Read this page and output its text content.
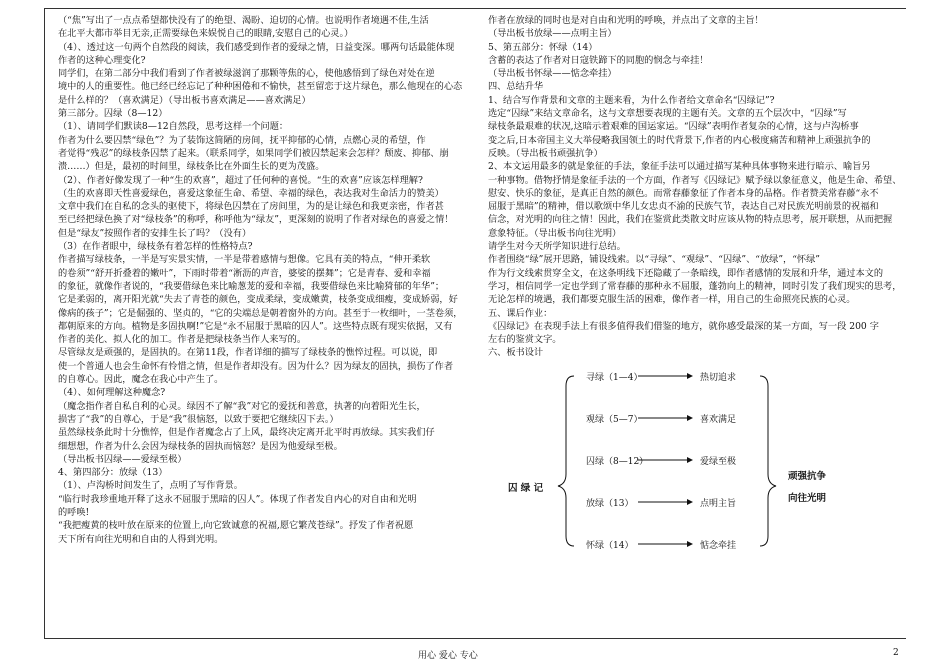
（“焦”写出了一点点希望都快没有了的绝望、渴盼、迫切的心情。也说明作者境遇不佳,生活

在北平大都市举目无亲,正需要绿色来娱悦自己的眼睛,安慰自己的心灵。）

（4）、透过这一句两个自然段的阅读，我们感受到作者的爱绿之情，日益变深。哪两句话最能体现

作者的这种心理变化?

同学们，在第二部分中我们看到了作者被绿滋润了那颗等焦的心，使他感悟到了绿色对处在逆

境中的人的重要性。他已经已经忘记了种种困倦和不愉快，甚至留恋于这片绿色，那么他现在的心态

是什么样的？（喜欢满足）（导出板书喜欢满足——喜欢满足）

第三部分。囚绿（8—12）

（1）、请同学们默读8—12自然段，思考这样一个问题：

作者为什么要囚禁“绿色”？为了装饰这简陋的房间，抚平抑郁的心情，点燃心灵的希望，作

者觉得“残忍”的绿枝条囚禁了起来。（联系同学，如果同学们被囚禁起来会怎样？颓废、抑郁、崩

溃……）但是，最初的时间里，绿枝条比在外面生长的更为茂盛。

（2）、作者好像发现了一种“生的欢喜”，超过了任何种的喜悦。“生的欢喜”应该怎样理解?

（生的欢喜即天性喜爱绿色，喜爱这象征生命、希望、幸福的绿色，表达我对生命活力的赞美）

文章中我们在自私的念头的驱使下，将绿色囚禁在了房间里，为的是让绿色和我更亲密，作者甚

至已经把绿色换了对“绿枝条”的称呼，称呼他为“绿友”，更深刻的说明了作者对绿色的喜爱之情！

但是“绿友”按照作者的安排生长了吗？（没有）

（3）在作者眼中，绿枝条有着怎样的性格特点?

作者描写绿枝条，一半是写实景实情，一半是带着感情与想像。它具有美的特点，“伸开柔软

的卷须”“舒开折叠着的嫩叶”，下雨时带着“淅沥的声音，婆娑的摆舞”；它是青春、爱和幸福

的象征，就像作者说的，“我要借绿色来比喻葱茏的爱和幸福，我要借绿色来比喻猗郁的年华”；

它是柔弱的，离开阳光就“失去了青苍的颜色，变成柔绿，变成嫩黄，枝条变成细瘦，变成娇弱，好

像病的孩子”；它是倔强的、坚贞的，“它的尖端总是朝着窗外的方向。甚至于一枚细叶，一茎卷须，

都朝原来的方向。植物是多固执啊!”它是“永不屈服于黑暗的囚人”。这些特点既有现实依据，又有

作者的美化、拟人化的加工。作者是把绿枝条当作人来写的。

尽管绿友是顽强的，是固执的。在第11段，作者详细的描写了绿枝条的憔悴过程。可以说，即

使一个普通人也会生命怀有怜惜之情，但是作者却没有。因为什么？因为绿友的固执，损伤了作者

的自尊心。因此，魔念在我心中产生了。

（4）、如何理解这种魔念?

（魔念指作者自私自利的心灵。绿因不了解“我”对它的爱抚和善意，执著的向着阳光生长，

损害了“我”的自尊心，于是“我”很恼怒，以致于要把它继续囚下去。）

虽然绿枝条此时十分憔悴，但是作者魔念占了上风，最终决定离开北平时再放绿。其实我们仔

细想想，作者为什么会因为绿枝条的固执而恼怒？是因为他爱绿至极。

（导出板书囚绿——爱绿至极）

4、第四部分：放绿（13）

（1）、卢沟桥时间发生了，点明了写作背景。

“临行时我珍重地开释了这永不屈服于黑暗的囚人”。体现了作者发自内心的对自由和光明

的呼唤!

“我把瘦黄的枝叶放在原来的位置上,向它致诚意的祝福,愿它繁茂苍绿”。抒发了作者祝愿

天下所有向往光明和自由的人得到光明。

作者在放绿的同时也是对自由和光明的呼唤，并点出了文章的主旨！

（导出板书放绿——点明主旨）

5、第五部分：怀绿（14）

含蓄的表达了作者对日寇铁蹄下的同胞的悯念与牵挂！

（导出板书怀绿——惦念牵挂）

四、总结升华

1、结合写作背景和文章的主题来看，为什么作者给文章命名“囚绿记”?

选定“囚绿”来结文章命名，这与文章想要表现的主题有关。文章的五个层次中，“囚绿”写

绿枝条最艰难的状况,这暗示着艰难的国运家运。“囚绿”表明作者复杂的心情，这与卢沟桥事

变之后,日本帝国主义大举侵略我国领土的时代背景下,作者的内心极度痛苦和精神上顽强抗争的

反映。（导出板书顽强抗争）

2、本文运用最多的就是象征的手法，象征手法可以通过描写某种具体事物来进行暗示、喻旨另

一种事物。借物抒情是象征手法的一个方面，作者写《囚绿记》赋予绿以象征意义，他是生命、希望、

慰安、快乐的象征，是真正自然的颜色。而常春藤象征了作者本身的品格。作者赞美常春藤“永不

屈服于黑暗”的精神，借以歌颂中华儿女忠贞不渝的民族气节，表达自己对民族光明前景的祝福和

信念，对光明的向往之情！因此，我们在鉴赏此类散文时应该从物的特点思考，展开联想，从而把握

意象特征。（导出板书向往光明）

请学生对今天所学知识进行总结。

作者围绕“绿”展开思路，铺设线索。以“寻绿”、“观绿”、“囚绿”、“放绿”，“怀绿”

作为行文线索贯穿全文，在这条明线下还隐藏了一条暗线，即作者感情的发展和升华，通过本文的

学习，相信同学一定也学到了常春藤的那种永不屈服，蓬勃向上的精神，同时引发了我们现实的思考，

无论怎样的境遇，我们都要克服生活的困难，像作者一样，用自己的生命照亮民族的心灵。

五、课后作业：

《囚绿记》在表现手法上有很多值得我们借鉴的地方，就你感受最深的某一方面，写一段 200 字

左右的鉴赏文字。

六、板书设计

囚 绿 记
寻绿（1—4）	热切追求
观绿（5—7）	喜欢满足
囚绿（8—12）	爱绿至极
放绿（13）	点明主旨
怀绿（14）	惦念牵挂
顽强抗争
向往光明
用心 爱心 专心	2
